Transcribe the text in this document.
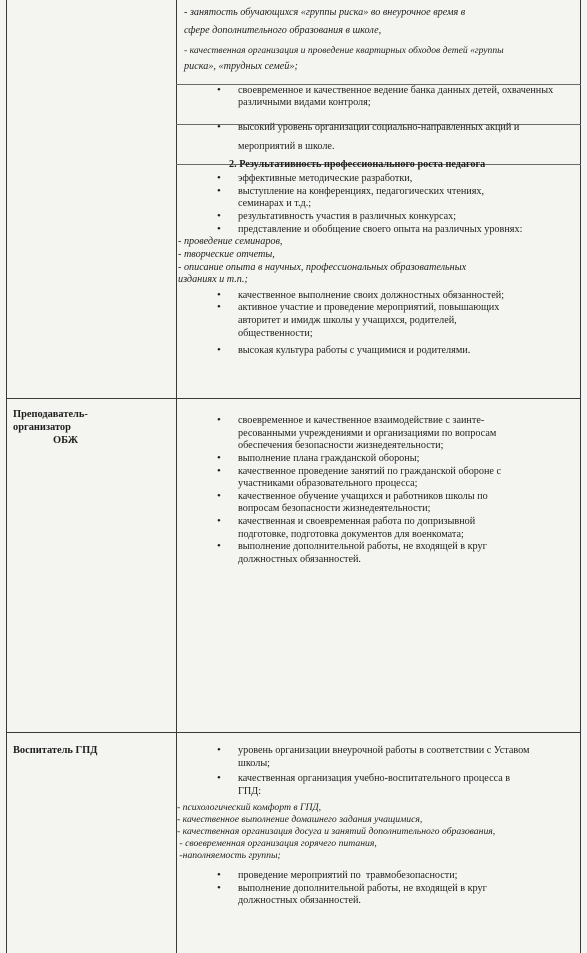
- занятость обучающихся «группы риска» во внеурочное время в

сфере дополнительного образования в школе,

- качественная организация и проведение квартирных обходов детей «группы

риска», «трудных семей»;

• своевременное и качественное ведение банка данных детей, охваченных
различными видами контроля;

• высокий уровень организации социально-направленных акций и
мероприятий в школе.

2. Результативность профессионального роста педагога

• эффективные методические разработки,

• выступление на конференциях, педагогических чтениях,
семинарах и т.д.;

• результативность участия в различных конкурсах;

• представление и обобщение своего опыта на различных уровнях:

- проведение семинаров,

- творческие отчеты,

- описание опыта в научных, профессиональных образовательных

изданиях и т.п.;

• качественное выполнение своих должностных обязанностей;

• активное участие и проведение мероприятий, повышающих
авторитет и имидж школы у учащихся, родителей,
общественности;

• высокая культура работы с учащимися и родителями.

Преподаватель-
организатор

ОБЖ

• своевременное и качественное взаимодействие с заинте-
ресованными учреждениями и организациями по вопросам
обеспечения безопасности жизнедеятельности;

• выполнение плана гражданской обороны;

• качественное проведение занятий по гражданской обороне с
участниками образовательного процесса;

• качественное обучение учащихся и работников школы по
вопросам безопасности жизнедеятельности;

• качественная и своевременная работа по допризывной
подготовке, подготовка документов для военкомата;

• выполнение дополнительной работы, не входящей в круг
должностных обязанностей.

Воспитатель ГПД

•	уровень организации внеурочной работы в соответствии с Уставом
школы;

• качественная организация учебно-воспитательного процесса в
ГПД:

- психологический комфорт в ГПД,

- качественное выполнение домашнего задания учащимися,

- качественная организация досуга и занятий дополнительного образования,

- своевременная организация горячего питания,

-наполняемость группы;

• проведение мероприятий по  травмобезопасности;

• выполнение дополнительной работы, не входящей в круг
должностных обязанностей.
